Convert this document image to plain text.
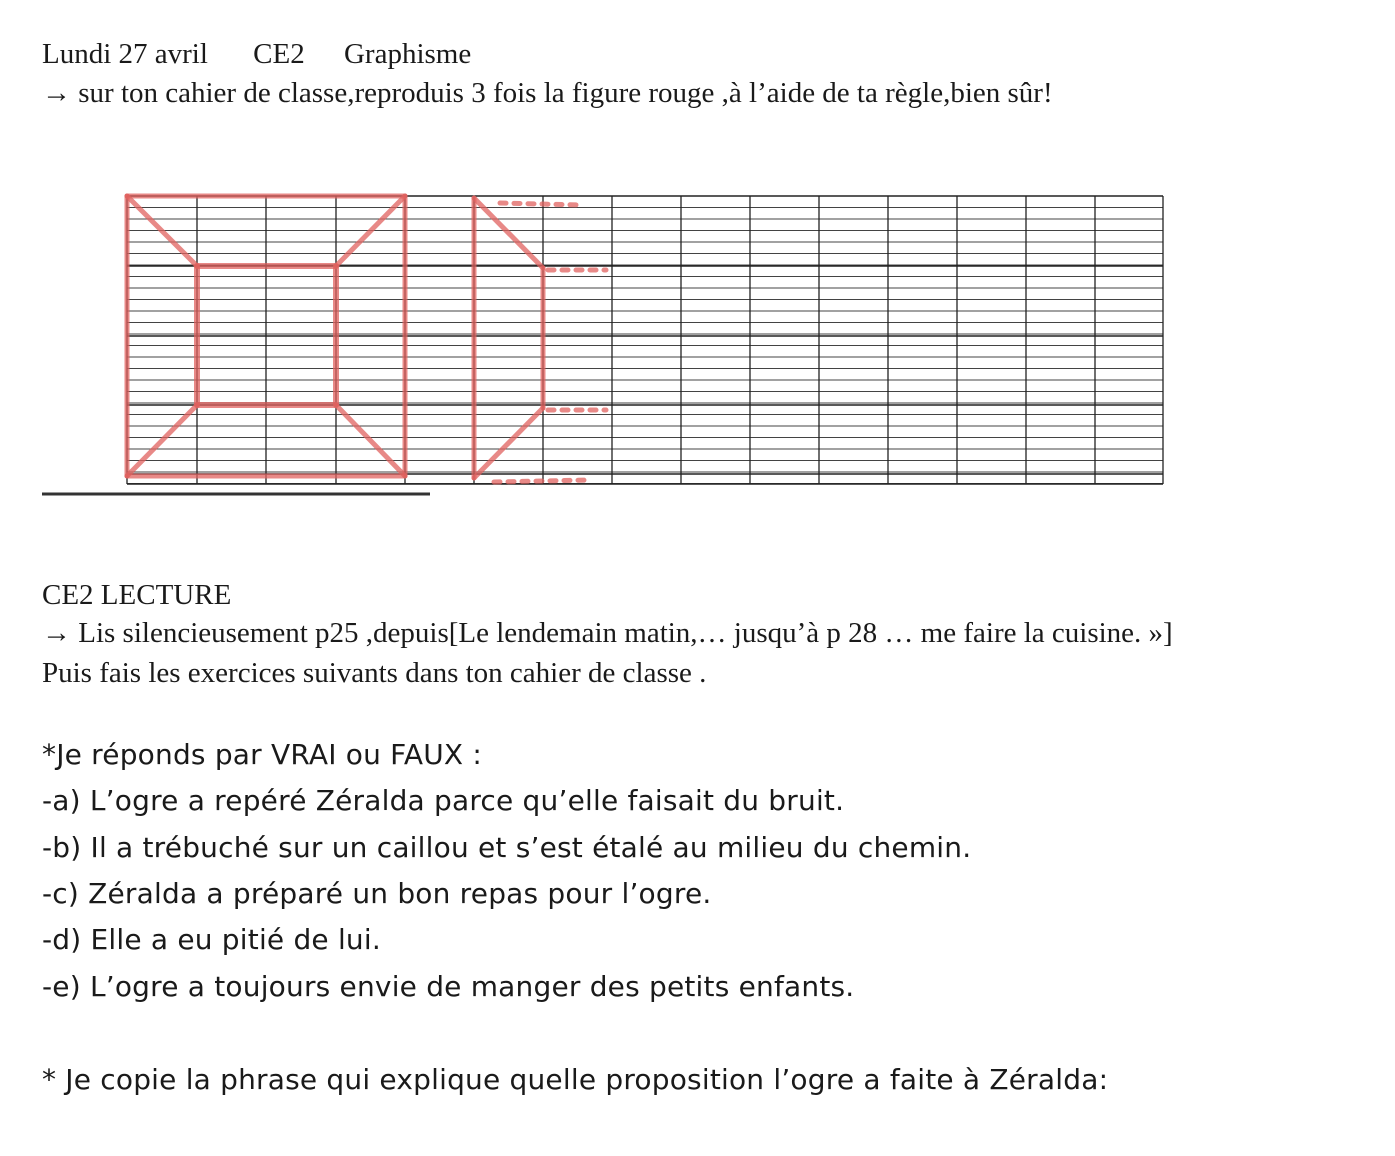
Lundi 27 avril CE2 Graphisme
→ sur ton cahier de classe,reproduis 3 fois la figure rouge ,à l’aide de ta règle,bien sûr!
CE2 LECTURE
→ Lis silencieusement p25 ,depuis[Le lendemain matin,… jusqu’à p 28 … me faire la cuisine. »]
Puis fais les exercices suivants dans ton cahier de classe .
*Je réponds par VRAI ou FAUX :
-a) L’ogre a repéré Zéralda parce qu’elle faisait du bruit.
-b) Il a trébuché sur un caillou et s’est étalé au milieu du chemin.
-c) Zéralda a préparé un bon repas pour l’ogre.
-d) Elle a eu pitié de lui.
-e) L’ogre a toujours envie de manger des petits enfants.
* Je copie la phrase qui explique quelle proposition l’ogre a faite à Zéralda:
